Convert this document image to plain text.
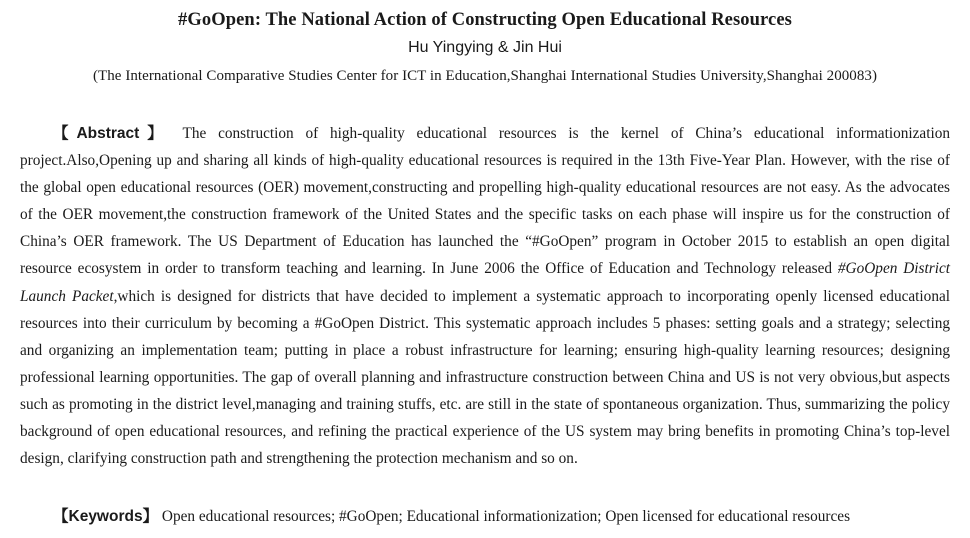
#GoOpen: The National Action of Constructing Open Educational Resources
Hu Yingying & Jin Hui
(The International Comparative Studies Center for ICT in Education,Shanghai International Studies University,Shanghai 200083)

【Abstract】 The construction of high-quality educational resources is the kernel of China’s educational informationization project.Also,Opening up and sharing all kinds of high-quality educational resources is required in the 13th Five-Year Plan. However, with the rise of the global open educational resources (OER) movement,constructing and propelling high-quality educational resources are not easy. As the advocates of the OER movement,the construction framework of the United States and the specific tasks on each phase will inspire us for the construction of China’s OER framework. The US Department of Education has launched the “#GoOpen” program in October 2015 to establish an open digital resource ecosystem in order to transform teaching and learning. In June 2006 the Office of Education and Technology released #GoOpen District Launch Packet,which is designed for districts that have decided to implement a systematic approach to incorporating openly licensed educational resources into their curriculum by becoming a #GoOpen District. This systematic approach includes 5 phases: setting goals and a strategy; selecting and organizing an implementation team; putting in place a robust infrastructure for learning; ensuring high-quality learning resources; designing professional learning opportunities. The gap of overall planning and infrastructure construction between China and US is not very obvious,but aspects such as promoting in the district level,managing and training stuffs, etc. are still in the state of spontaneous organization. Thus, summarizing the policy background of open educational resources, and refining the practical experience of the US system may bring benefits in promoting China’s top-level design, clarifying construction path and strengthening the protection mechanism and so on.

【Keywords】 Open educational resources; #GoOpen; Educational informationization; Open licensed for educational resources
